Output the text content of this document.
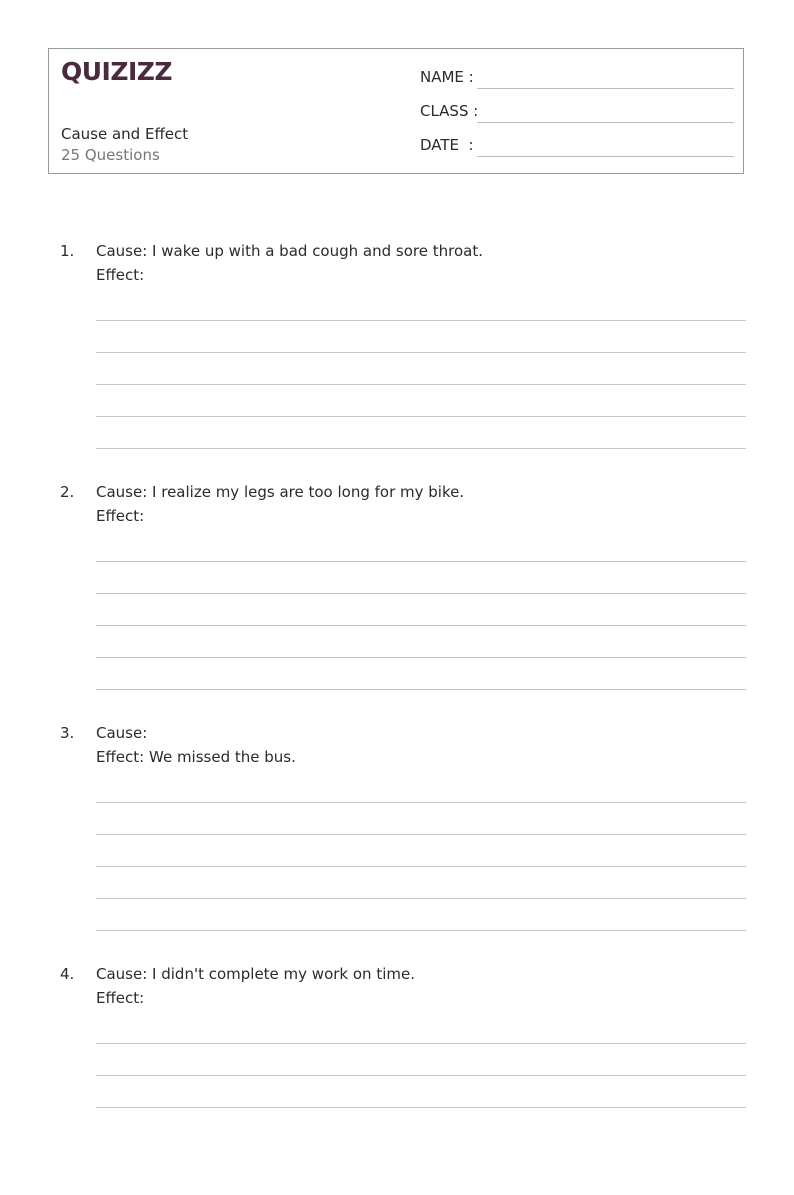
QUIZIZZ
Cause and Effect
25 Questions
NAME :
CLASS :
DATE  :
1. Cause: I wake up with a bad cough and sore throat.
Effect:
2. Cause: I realize my legs are too long for my bike.
Effect:
3. Cause:
Effect: We missed the bus.
4. Cause: I didn't complete my work on time.
Effect:
